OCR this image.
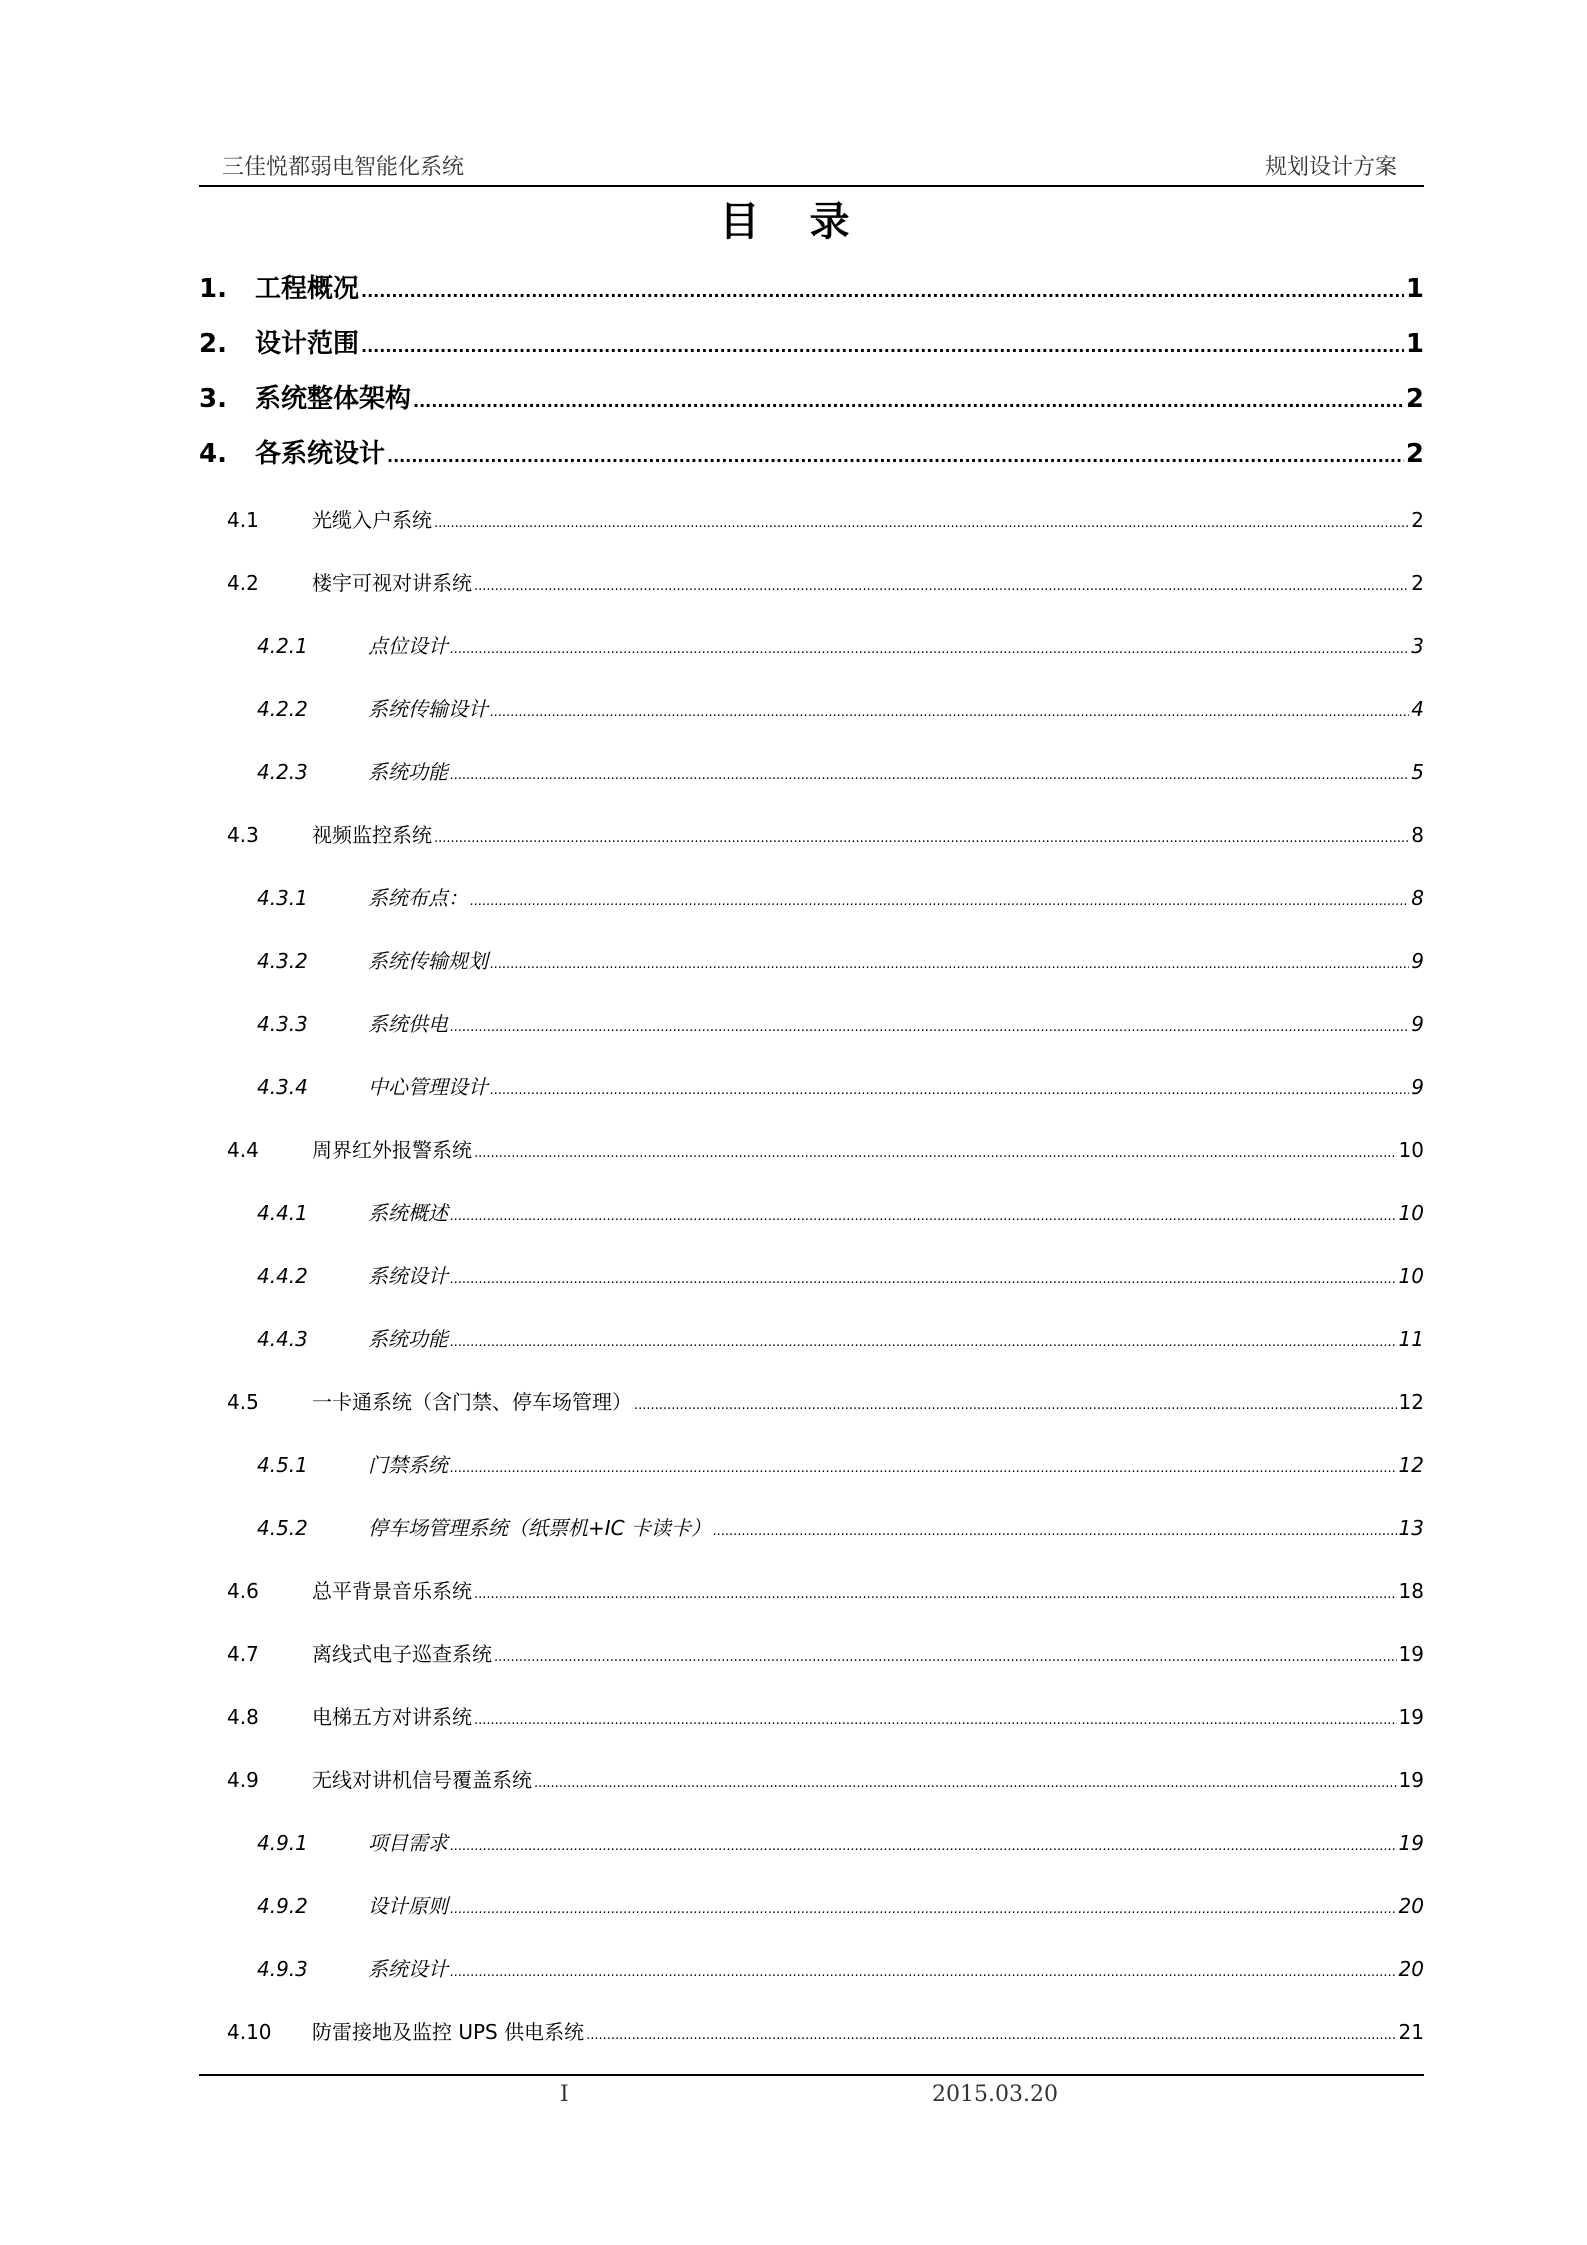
三佳悦都弱电智能化系统	规划设计方案
目 录
1.	工程概况 .....	1
2.	设计范围 .....	1
3.	系统整体架构 .....	2
4.	各系统设计 .....	2
4.1	光缆入户系统 .....	2
4.2	楼宇可视对讲系统 .....	2
4.2.1	点位设计 .....	3
4.2.2	系统传输设计 .....	4
4.2.3	系统功能 .....	5
4.3	视频监控系统 .....	8
4.3.1	系统布点： .....	8
4.3.2	系统传输规划 .....	9
4.3.3	系统供电 .....	9
4.3.4	中心管理设计 .....	9
4.4	周界红外报警系统 .....	10
4.4.1	系统概述 .....	10
4.4.2	系统设计 .....	10
4.4.3	系统功能 .....	11
4.5	一卡通系统（含门禁、停车场管理） .....	12
4.5.1	门禁系统 .....	12
4.5.2	停车场管理系统（纸票机+IC 卡读卡） .....	13
4.6	总平背景音乐系统 .....	18
4.7	离线式电子巡查系统 .....	19
4.8	电梯五方对讲系统 .....	19
4.9	无线对讲机信号覆盖系统 .....	19
4.9.1	项目需求 .....	19
4.9.2	设计原则 .....	20
4.9.3	系统设计 .....	20
4.10	防雷接地及监控 UPS 供电系统 .....	21
I	2015.03.20
